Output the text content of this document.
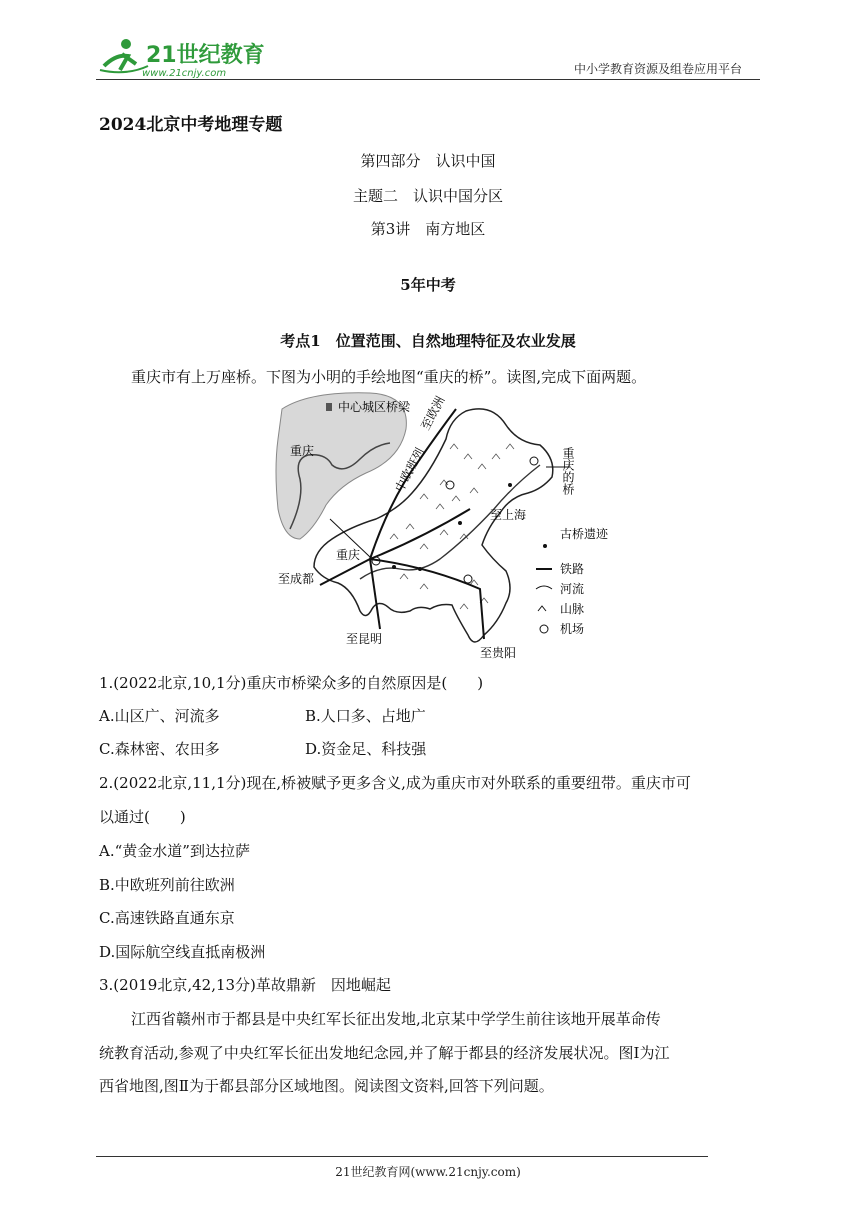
21世纪教育
www.21cnjy.com	中小学教育资源及组卷应用平台
2024北京中考地理专题
第四部分　认识中国
主题二　认识中国分区
第3讲　南方地区
5年中考
考点1　位置范围、自然地理特征及农业发展
重庆市有上万座桥。下图为小明的手绘地图“重庆的桥”。读图,完成下面两题。
中心城区桥梁
重庆	中欧班列
至欧洲
重庆的桥
至上海
重庆
至成都
至昆明
至贵阳
古桥遗迹
铁路
河流
山脉
机场
1.(2022北京,10,1分)重庆市桥梁众多的自然原因是(　　)
A.山区广、河流多	B.人口多、占地广
C.森林密、农田多	D.资金足、科技强
2.(2022北京,11,1分)现在,桥被赋予更多含义,成为重庆市对外联系的重要纽带。重庆市可
以通过(　　)
A.“黄金水道”到达拉萨
B.中欧班列前往欧洲
C.高速铁路直通东京
D.国际航空线直抵南极洲
3.(2019北京,42,13分)革故鼎新　因地崛起
江西省赣州市于都县是中央红军长征出发地,北京某中学学生前往该地开展革命传
统教育活动,参观了中央红军长征出发地纪念园,并了解于都县的经济发展状况。图Ⅰ为江
西省地图,图Ⅱ为于都县部分区域地图。阅读图文资料,回答下列问题。
21世纪教育网(www.21cnjy.com)
